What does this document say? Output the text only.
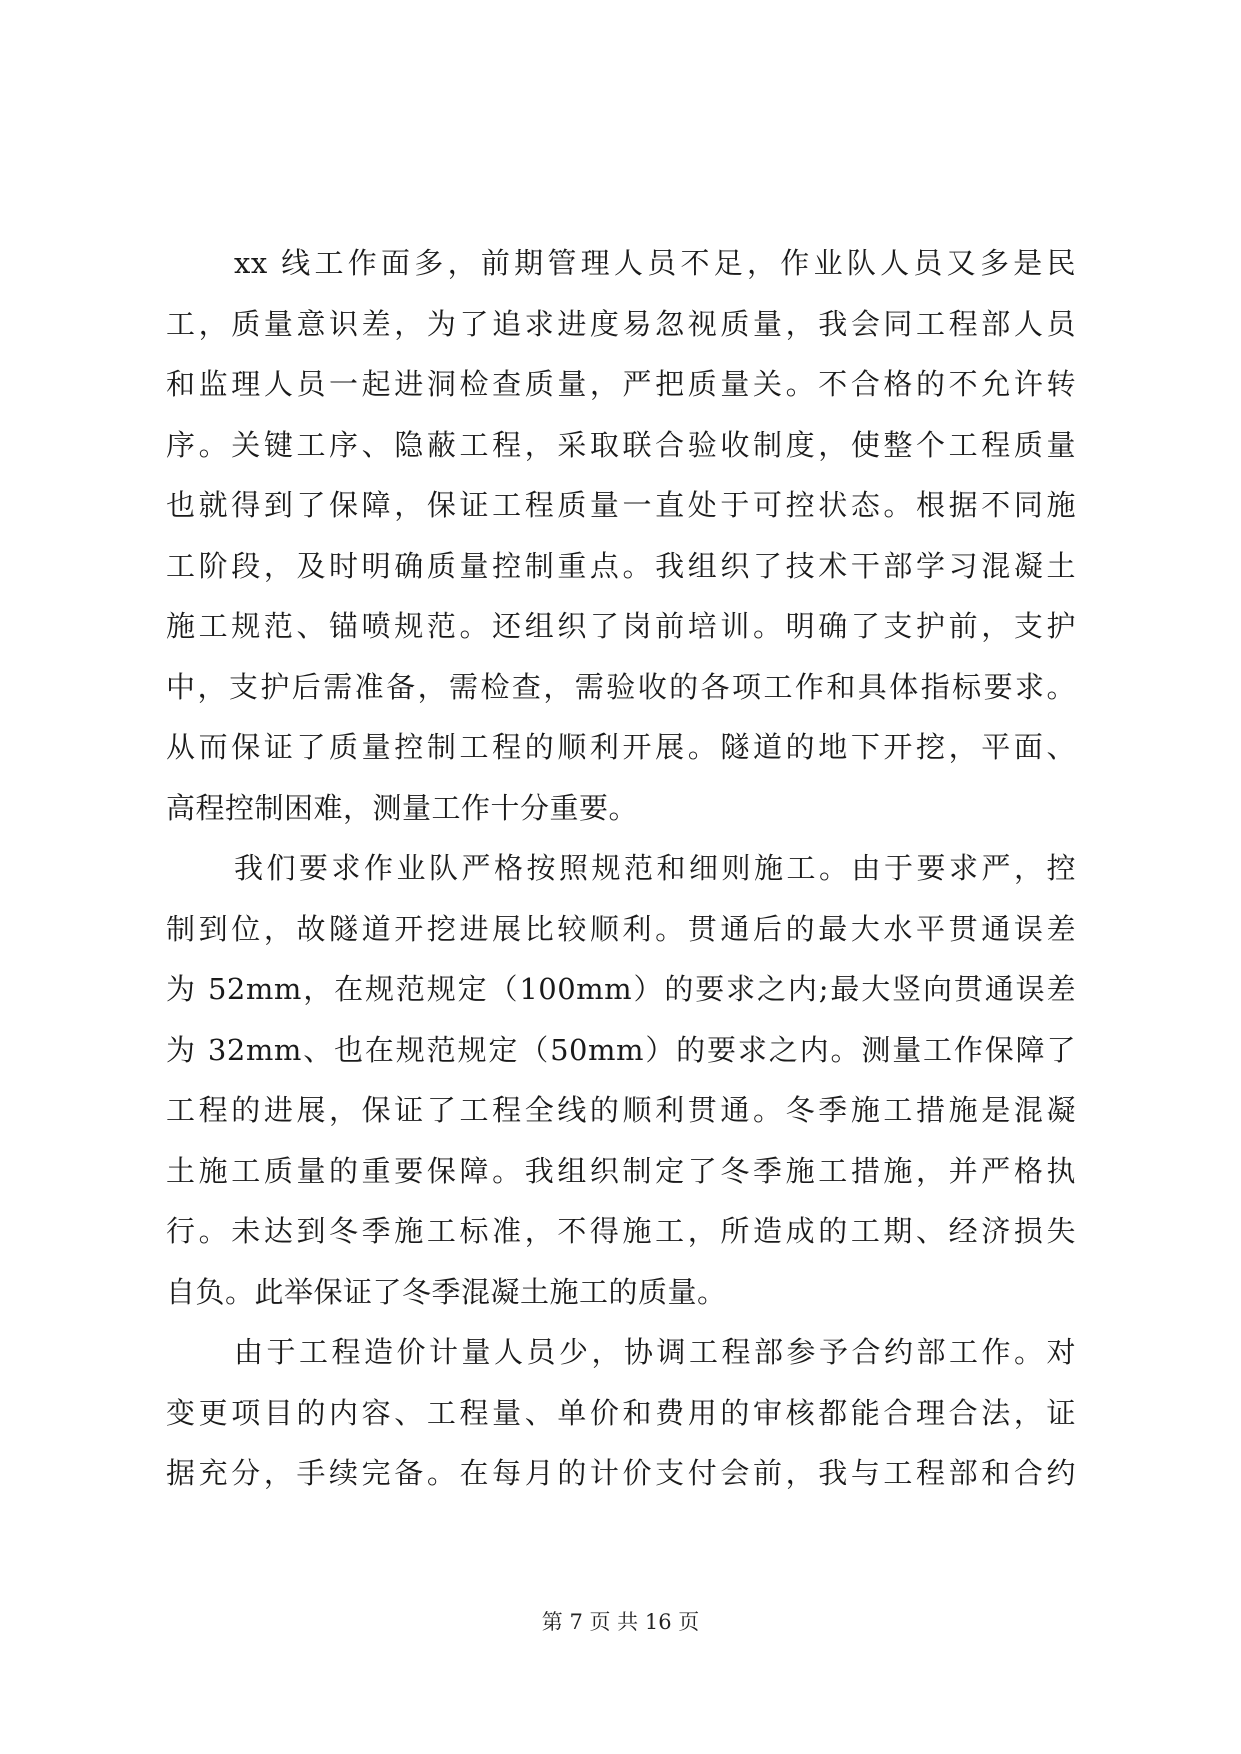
xx 线工作面多，前期管理人员不足，作业队人员又多是民
工，质量意识差，为了追求进度易忽视质量，我会同工程部人员
和监理人员一起进洞检查质量，严把质量关。不合格的不允许转
序。关键工序、隐蔽工程，采取联合验收制度，使整个工程质量
也就得到了保障，保证工程质量一直处于可控状态。根据不同施
工阶段，及时明确质量控制重点。我组织了技术干部学习混凝土
施工规范、锚喷规范。还组织了岗前培训。明确了支护前，支护
中，支护后需准备，需检查，需验收的各项工作和具体指标要求。
从而保证了质量控制工程的顺利开展。隧道的地下开挖，平面、
高程控制困难，测量工作十分重要。
我们要求作业队严格按照规范和细则施工。由于要求严，控
制到位，故隧道开挖进展比较顺利。贯通后的最大水平贯通误差
为 52mm，在规范规定（100mm）的要求之内;最大竖向贯通误差
为 32mm、也在规范规定（50mm）的要求之内。测量工作保障了
工程的进展，保证了工程全线的顺利贯通。冬季施工措施是混凝
土施工质量的重要保障。我组织制定了冬季施工措施，并严格执
行。未达到冬季施工标准，不得施工，所造成的工期、经济损失
自负。此举保证了冬季混凝土施工的质量。
由于工程造价计量人员少，协调工程部参予合约部工作。对
变更项目的内容、工程量、单价和费用的审核都能合理合法，证
据充分，手续完备。在每月的计价支付会前，我与工程部和合约
第 7 页 共 16 页
